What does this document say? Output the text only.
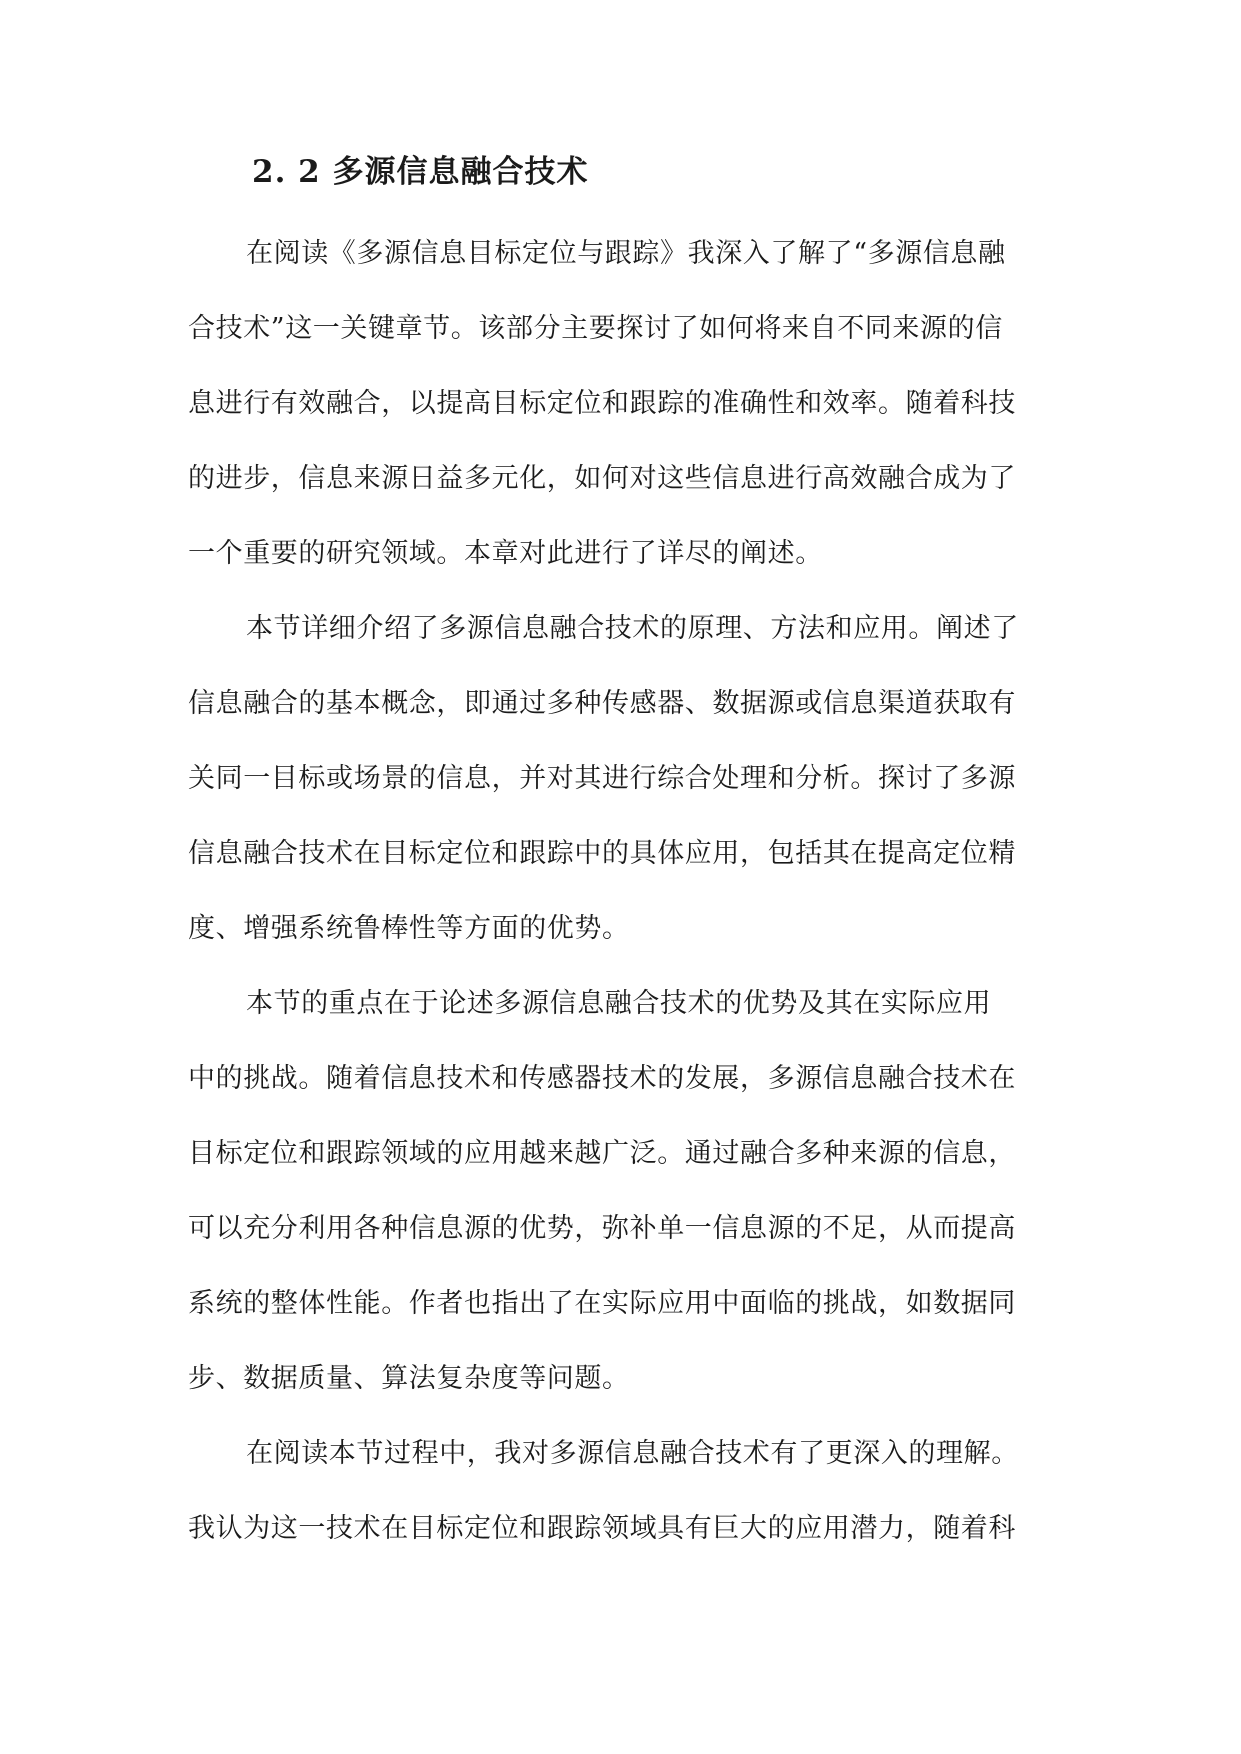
2. 2 多源信息融合技术
在阅读《多源信息目标定位与跟踪》我深入了解了“多源信息融
合技术”这一关键章节。该部分主要探讨了如何将来自不同来源的信
息进行有效融合，以提高目标定位和跟踪的准确性和效率。随着科技
的进步，信息来源日益多元化，如何对这些信息进行高效融合成为了
一个重要的研究领域。本章对此进行了详尽的阐述。
本节详细介绍了多源信息融合技术的原理、方法和应用。阐述了
信息融合的基本概念，即通过多种传感器、数据源或信息渠道获取有
关同一目标或场景的信息，并对其进行综合处理和分析。探讨了多源
信息融合技术在目标定位和跟踪中的具体应用，包括其在提高定位精
度、增强系统鲁棒性等方面的优势。
本节的重点在于论述多源信息融合技术的优势及其在实际应用
中的挑战。随着信息技术和传感器技术的发展，多源信息融合技术在
目标定位和跟踪领域的应用越来越广泛。通过融合多种来源的信息，
可以充分利用各种信息源的优势，弥补单一信息源的不足，从而提高
系统的整体性能。作者也指出了在实际应用中面临的挑战，如数据同
步、数据质量、算法复杂度等问题。
在阅读本节过程中，我对多源信息融合技术有了更深入的理解。
我认为这一技术在目标定位和跟踪领域具有巨大的应用潜力，随着科
